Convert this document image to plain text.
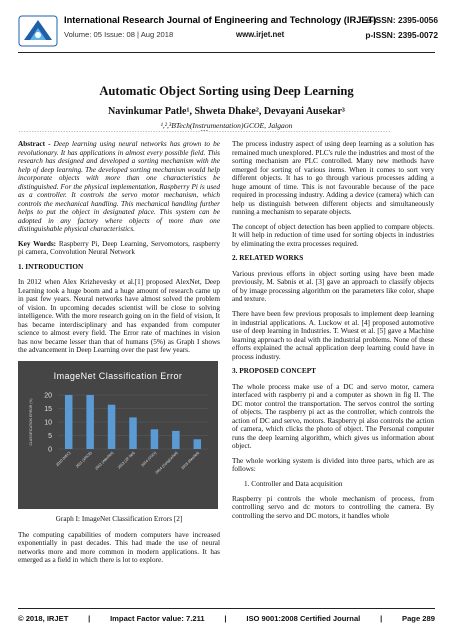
International Research Journal of Engineering and Technology (IRJET)
e-ISSN: 2395-0056
Volume: 05 Issue: 08 | Aug 2018	www.irjet.net	p-ISSN: 2395-0072
Automatic Object Sorting using Deep Learning
Navinkumar Patle¹, Shweta Dhake², Devayani Ausekar³
¹,²,³BTech(Instrumentation)GCOE, Jalgaon
---------------------------------------------------------------------***---------------------------------------------------------------------

Abstract - Deep learning using neural networks has grown to be revolutionary. It has applications in almost every possible field. This research has designed and developed a sorting mechanism with the help of deep learning. The developed sorting mechanism would help incorporate objects with more than one characteristics be distinguished. For the physical implementation, Raspberry Pi is used as a controller. It controls the servo motor mechanism, which controls the mechanical handling. This mechanical handling further helps to put the object in designated place. This system can be adopted in any factory where objects of more than one distinguishable physical characteristics.

Key Words: Raspberry Pi, Deep Learning, Servomotors, raspberry pi camera, Convolution Neural Network

1. INTRODUCTION

In 2012 when Alex Krizhevesky et al.[1] proposed AlexNet, Deep Learning took a huge boom and a huge amount of research came up in past few years. Neural networks have almost solved the problem of vision. In upcoming decades scientist will be close to solving intelligence. With the more research going on in the field of vision, It has became interdisciplinary and has expanded from computer science to almost every field. The Error rate of machines in vision has now became lesser than that of humans (5%) as Graph I shows the advancement in Deep Learning over the past few years.

ImageNet Classification Error
CLASSIFICATION ERROR (%)
0
5
10
15
20
2010 (NEC) 2011 (XRCE) 2012 (AlexNet) 2013 (ZF Net) 2014 (VGG)
2014 (GoogLeNet) 2015 (ResNet)

Graph I: ImageNet Classification Errors [2]

The computing capabilities of modern computers have increased exponentially in past decades. This had made the use of neural networks more and more common in modern applications. It has emerged as a field in which there is lot to explore.

The process industry aspect of using deep learning as a solution has remained much unexplored. PLC's rule the industries and most of the sorting mechanism are PLC controlled. Many new methods have emerged for sorting of various items. When it comes to sort very different objects. It has to go through various processes adding a huge amount of time. This is not favourable because of the pace required in processing industry. Adding a device (camera) which can help us distinguish between different objects and simultaneously running a mechanism to separate objects.

The concept of object detection has been applied to compare objects. It will help in reduction of time used for sorting objects in industries by eliminating the extra processes required.

2. RELATED WORKS

Various previous efforts in object sorting using have been made previously, M. Sabnis et al. [3] gave an approach to classify objects of by image processing algorithm on the parameters like color, shape and texture.

There have been few previous proposals to implement deep learning in industrial applications. A. Luckow et al. [4] proposed automotive use of deep learning in Industries. T. Wuest et al. [5] gave a Machine learning approach to deal with the industrial problems. None of these efforts explained the actual application deep learning could have in process industry.

3. PROPOSED CONCEPT

The whole process make use of a DC and servo motor, camera interfaced with raspberry pi and a computer as shown in fig II. The DC motor control the transportation. The servos control the sorting of objects. The raspberry pi act as the controller, which controls the action of DC and servo, motors. Raspberry pi also controls the action of camera, which clicks the photo of object. The Personal computer runs the deep learning algorithm, which gives us information about object.

The whole working system is divided into three parts, which are as follows:

1. Controller and Data acquisition

Raspberry pi controls the whole mechanism of process, from controlling servo and dc motors to controlling the camera. By controlling the servo and DC motors, it handles whole

© 2018, IRJET	|	Impact Factor value: 7.211	|	ISO 9001:2008 Certified Journal	|	Page 289
